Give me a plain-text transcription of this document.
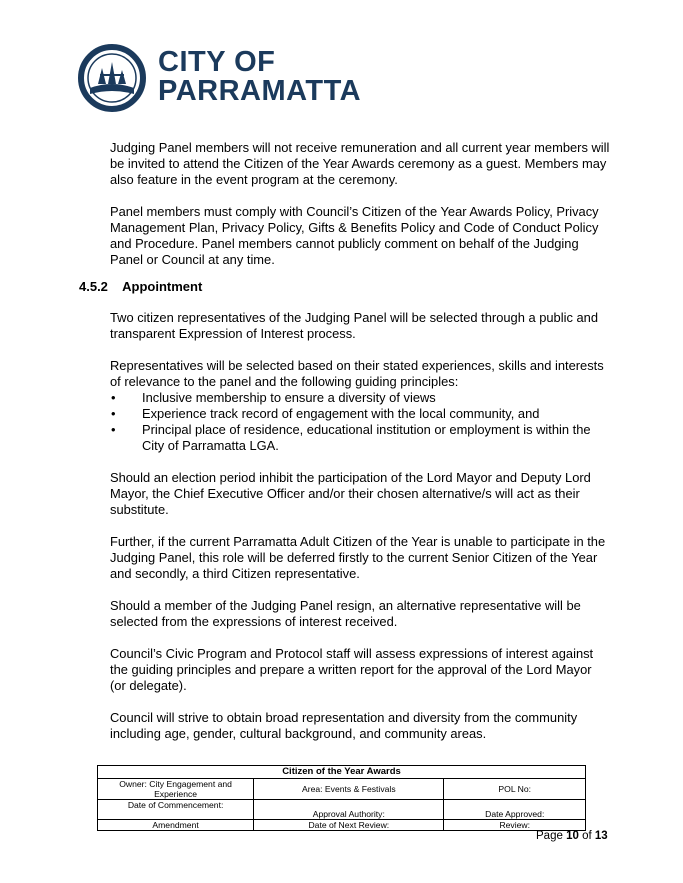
CITY OF
PARRAMATTA

Judging Panel members will not receive remuneration and all current year members will be invited to attend the Citizen of the Year Awards ceremony as a guest. Members may also feature in the event program at the ceremony.

Panel members must comply with Council’s Citizen of the Year Awards Policy, Privacy Management Plan, Privacy Policy, Gifts & Benefits Policy and Code of Conduct Policy and Procedure. Panel members cannot publicly comment on behalf of the Judging Panel or Council at any time.

4.5.2 Appointment

Two citizen representatives of the Judging Panel will be selected through a public and transparent Expression of Interest process.

Representatives will be selected based on their stated experiences, skills and interests of relevance to the panel and the following guiding principles:

• Inclusive membership to ensure a diversity of views
• Experience track record of engagement with the local community, and
• Principal place of residence, educational institution or employment is within the City of Parramatta LGA.

Should an election period inhibit the participation of the Lord Mayor and Deputy Lord Mayor, the Chief Executive Officer and/or their chosen alternative/s will act as their substitute.

Further, if the current Parramatta Adult Citizen of the Year is unable to participate in the Judging Panel, this role will be deferred firstly to the current Senior Citizen of the Year and secondly, a third Citizen representative.

Should a member of the Judging Panel resign, an alternative representative will be selected from the expressions of interest received.

Council’s Civic Program and Protocol staff will assess expressions of interest against the guiding principles and prepare a written report for the approval of the Lord Mayor (or delegate).

Council will strive to obtain broad representation and diversity from the community including age, gender, cultural background, and community areas.

Citizen of the Year Awards		
Owner: City Engagement and Experience	Area: Events & Festivals	POL No:
Date of Commencement:	Approval Authority:	Date Approved:
Amendment	Date of Next Review:	Review:
Page 10 of 13
